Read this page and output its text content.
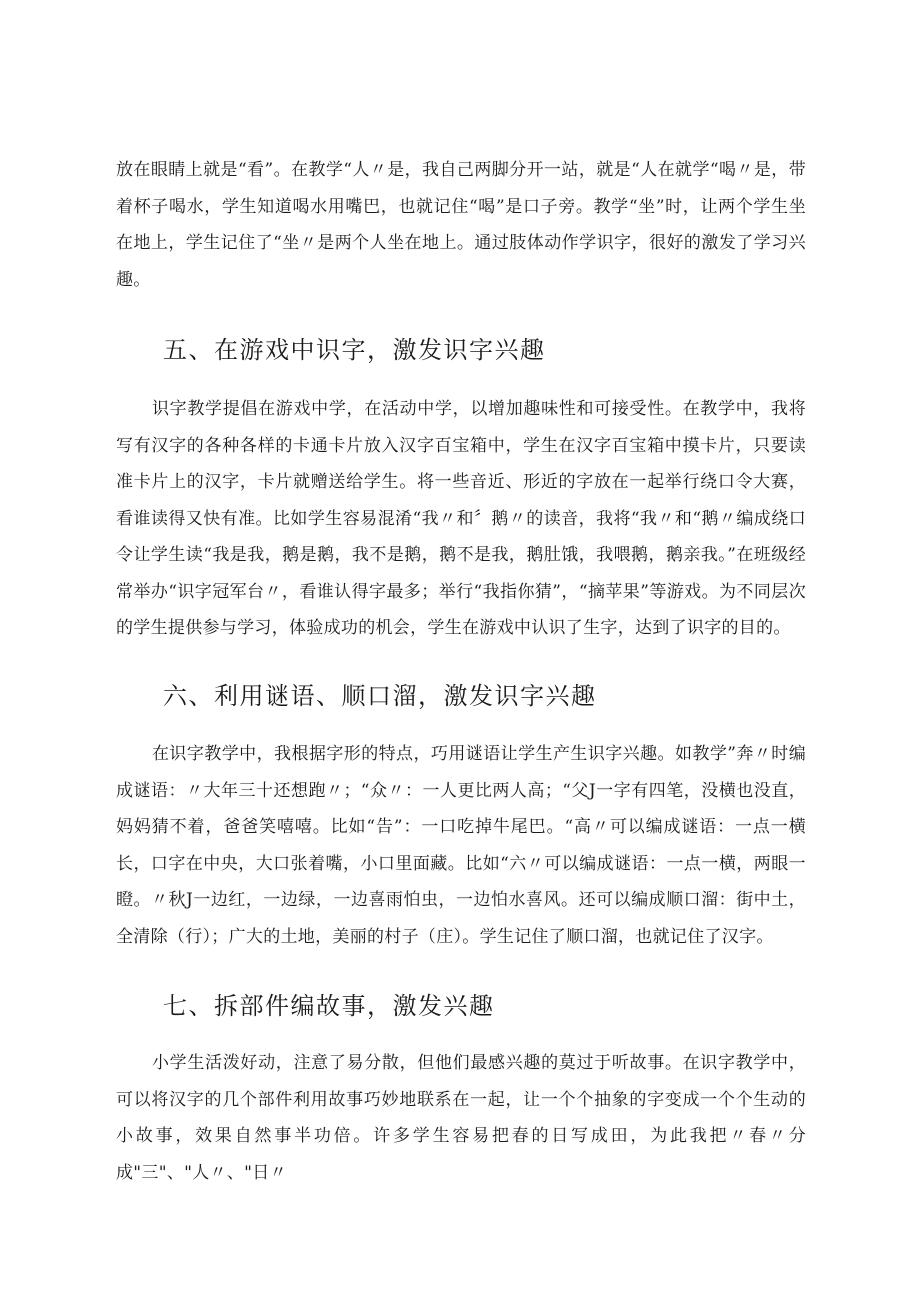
放在眼睛上就是“看”。在教学“人〃是，我自己两脚分开一站，就是“人在就学“喝〃是，带着杯子喝水，学生知道喝水用嘴巴，也就记住“喝”是口子旁。教学“坐”时，让两个学生坐在地上，学生记住了“坐〃是两个人坐在地上。通过肢体动作学识字，很好的激发了学习兴趣。

五、在游戏中识字，激发识字兴趣

识字教学提倡在游戏中学，在活动中学，以增加趣味性和可接受性。在教学中，我将写有汉字的各种各样的卡通卡片放入汉字百宝箱中，学生在汉字百宝箱中摸卡片，只要读准卡片上的汉字，卡片就赠送给学生。将一些音近、形近的字放在一起举行绕口令大赛，看谁读得又快有准。比如学生容易混淆“我〃和〞鹅〃的读音，我将“我〃和“鹅〃编成绕口令让学生读“我是我，鹅是鹅，我不是鹅，鹅不是我，鹅肚饿，我喂鹅，鹅亲我。”在班级经常举办“识字冠军台〃，看谁认得字最多；举行“我指你猜”，“摘苹果”等游戏。为不同层次的学生提供参与学习，体验成功的机会，学生在游戏中认识了生字，达到了识字的目的。

六、利用谜语、顺口溜，激发识字兴趣

在识字教学中，我根据字形的特点，巧用谜语让学生产生识字兴趣。如教学”奔〃时编成谜语：〃大年三十还想跑〃；“众〃：一人更比两人高；“父J一字有四笔，没横也没直，妈妈猜不着，爸爸笑嘻嘻。比如“告”：一口吃掉牛尾巴。“高〃可以编成谜语：一点一横长，口字在中央，大口张着嘴，小口里面藏。比如“六〃可以编成谜语：一点一横，两眼一瞪。〃秋J一边红，一边绿，一边喜雨怕虫，一边怕水喜风。还可以编成顺口溜：街中土，全清除（行）；广大的土地，美丽的村子（庄）。学生记住了顺口溜，也就记住了汉字。

七、拆部件编故事，激发兴趣

小学生活泼好动，注意了易分散，但他们最感兴趣的莫过于听故事。在识字教学中，可以将汉字的几个部件利用故事巧妙地联系在一起，让一个个抽象的字变成一个个生动的小故事，效果自然事半功倍。许多学生容易把春的日写成田，为此我把〃春〃分成"三"、"人〃、"日〃
